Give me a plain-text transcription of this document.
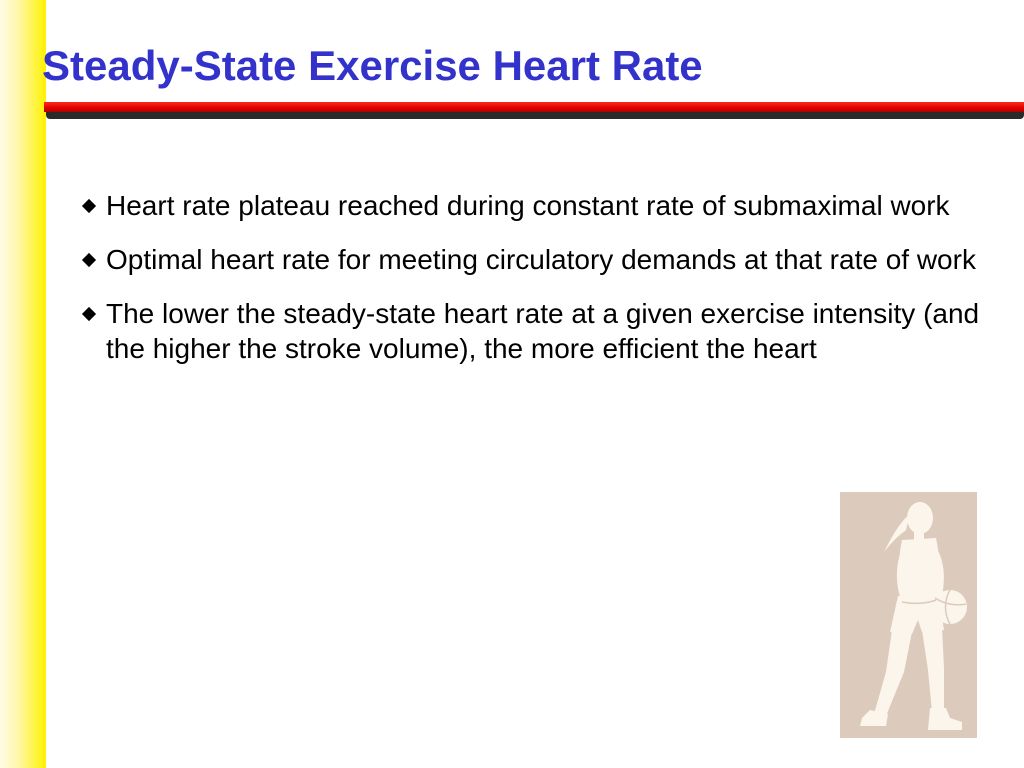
Steady-State Exercise Heart Rate
Heart rate plateau reached during constant rate of submaximal work
Optimal heart rate for meeting circulatory demands at that rate of work
The lower the steady-state heart rate at a given exercise intensity (and the higher the stroke volume), the more efficient the heart
